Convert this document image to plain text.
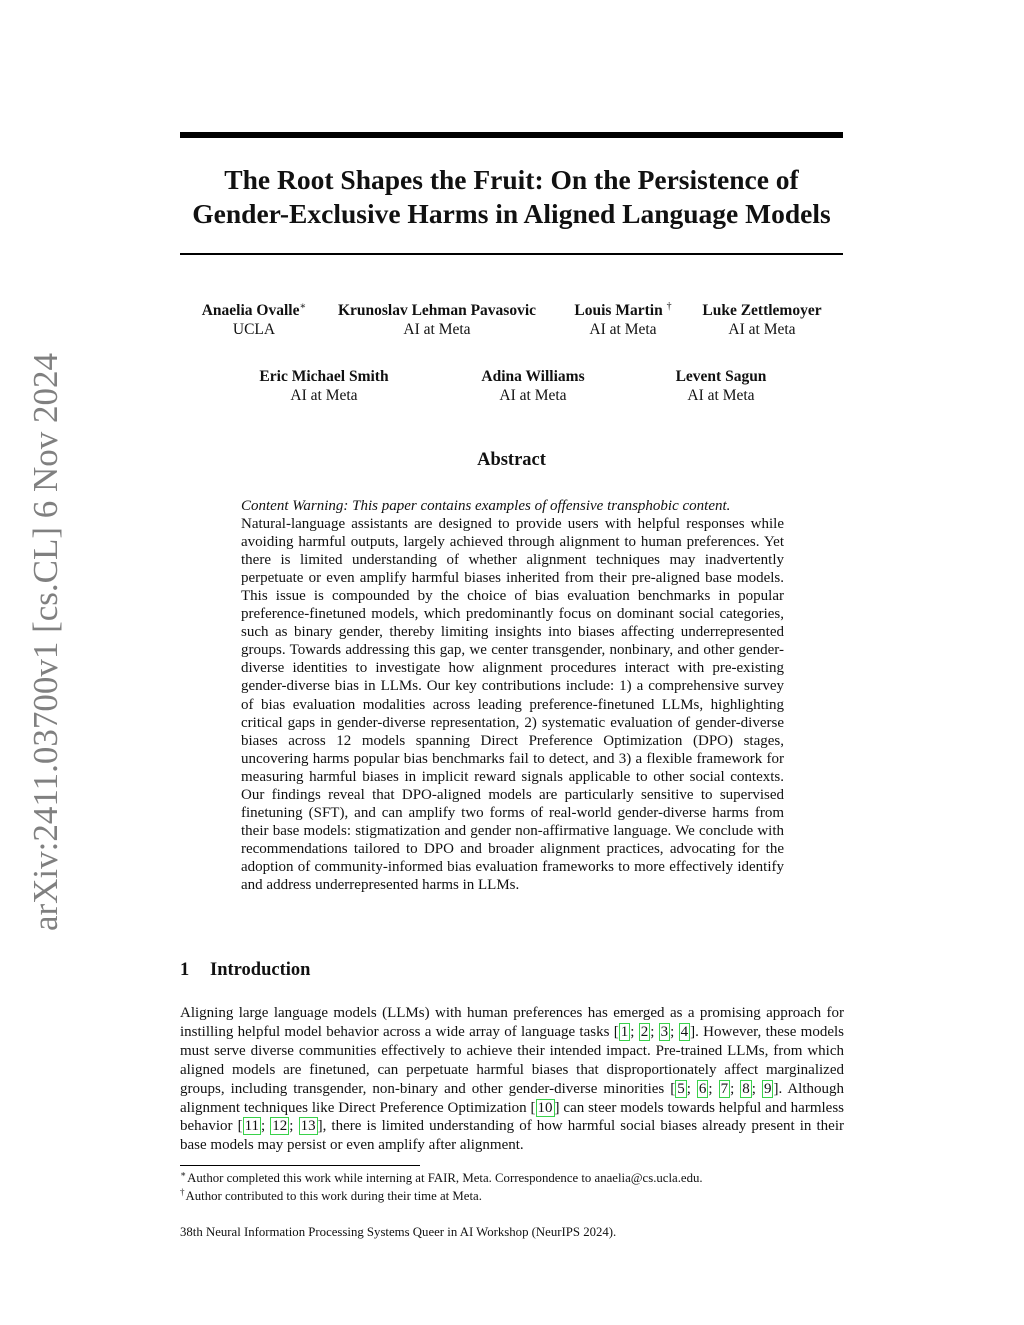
arXiv:2411.03700v1 [cs.CL] 6 Nov 2024
The Root Shapes the Fruit: On the Persistence of
Gender-Exclusive Harms in Aligned Language Models
Anaelia Ovalle∗
UCLA
Krunoslav Lehman Pavasovic
AI at Meta
Louis Martin †
AI at Meta
Luke Zettlemoyer
AI at Meta
Eric Michael Smith
AI at Meta
Adina Williams
AI at Meta
Levent Sagun
AI at Meta
Abstract

Content Warning: This paper contains examples of offensive transphobic content.
Natural-language assistants are designed to provide users with helpful responses while avoiding harmful outputs, largely achieved through alignment to human preferences. Yet there is limited understanding of whether alignment techniques may inadvertently perpetuate or even amplify harmful biases inherited from their pre-aligned base models. This issue is compounded by the choice of bias evaluation benchmarks in popular preference-finetuned models, which predominantly focus on dominant social categories, such as binary gender, thereby limiting insights into biases affecting underrepresented groups. Towards addressing this gap, we center transgender, nonbinary, and other gender-diverse identities to investigate how alignment procedures interact with pre-existing gender-diverse bias in LLMs. Our key contributions include: 1) a comprehensive survey of bias evaluation modalities across leading preference-finetuned LLMs, highlighting critical gaps in gender-diverse representation, 2) systematic evaluation of gender-diverse biases across 12 models spanning Direct Preference Optimization (DPO) stages, uncovering harms popular bias benchmarks fail to detect, and 3) a flexible framework for measuring harmful biases in implicit reward signals applicable to other social contexts. Our findings reveal that DPO-aligned models are particularly sensitive to supervised finetuning (SFT), and can amplify two forms of real-world gender-diverse harms from their base models: stigmatization and gender non-affirmative language. We conclude with recommendations tailored to DPO and broader alignment practices, advocating for the adoption of community-informed bias evaluation frameworks to more effectively identify and address underrepresented harms in LLMs.

1 Introduction

Aligning large language models (LLMs) with human preferences has emerged as a promising approach for instilling helpful model behavior across a wide array of language tasks [ 1 ; 2 ; 3 ; 4 ]. However, these models must serve diverse communities effectively to achieve their intended impact. Pre-trained LLMs, from which aligned models are finetuned, can perpetuate harmful biases that disproportionately affect marginalized groups, including transgender, non-binary and other gender-diverse minorities [ 5 ; 6 ; 7 ; 8 ; 9 ]. Although alignment techniques like Direct Preference Optimization [ 10 ] can steer models towards helpful and harmless behavior [ 11 ; 12 ; 13 ], there is limited understanding of how harmful social biases already present in their base models may persist or even amplify after alignment.

∗Author completed this work while interning at FAIR, Meta. Correspondence to anaelia@cs.ucla.edu.
†Author contributed to this work during their time at Meta.
38th Neural Information Processing Systems Queer in AI Workshop (NeurIPS 2024).
